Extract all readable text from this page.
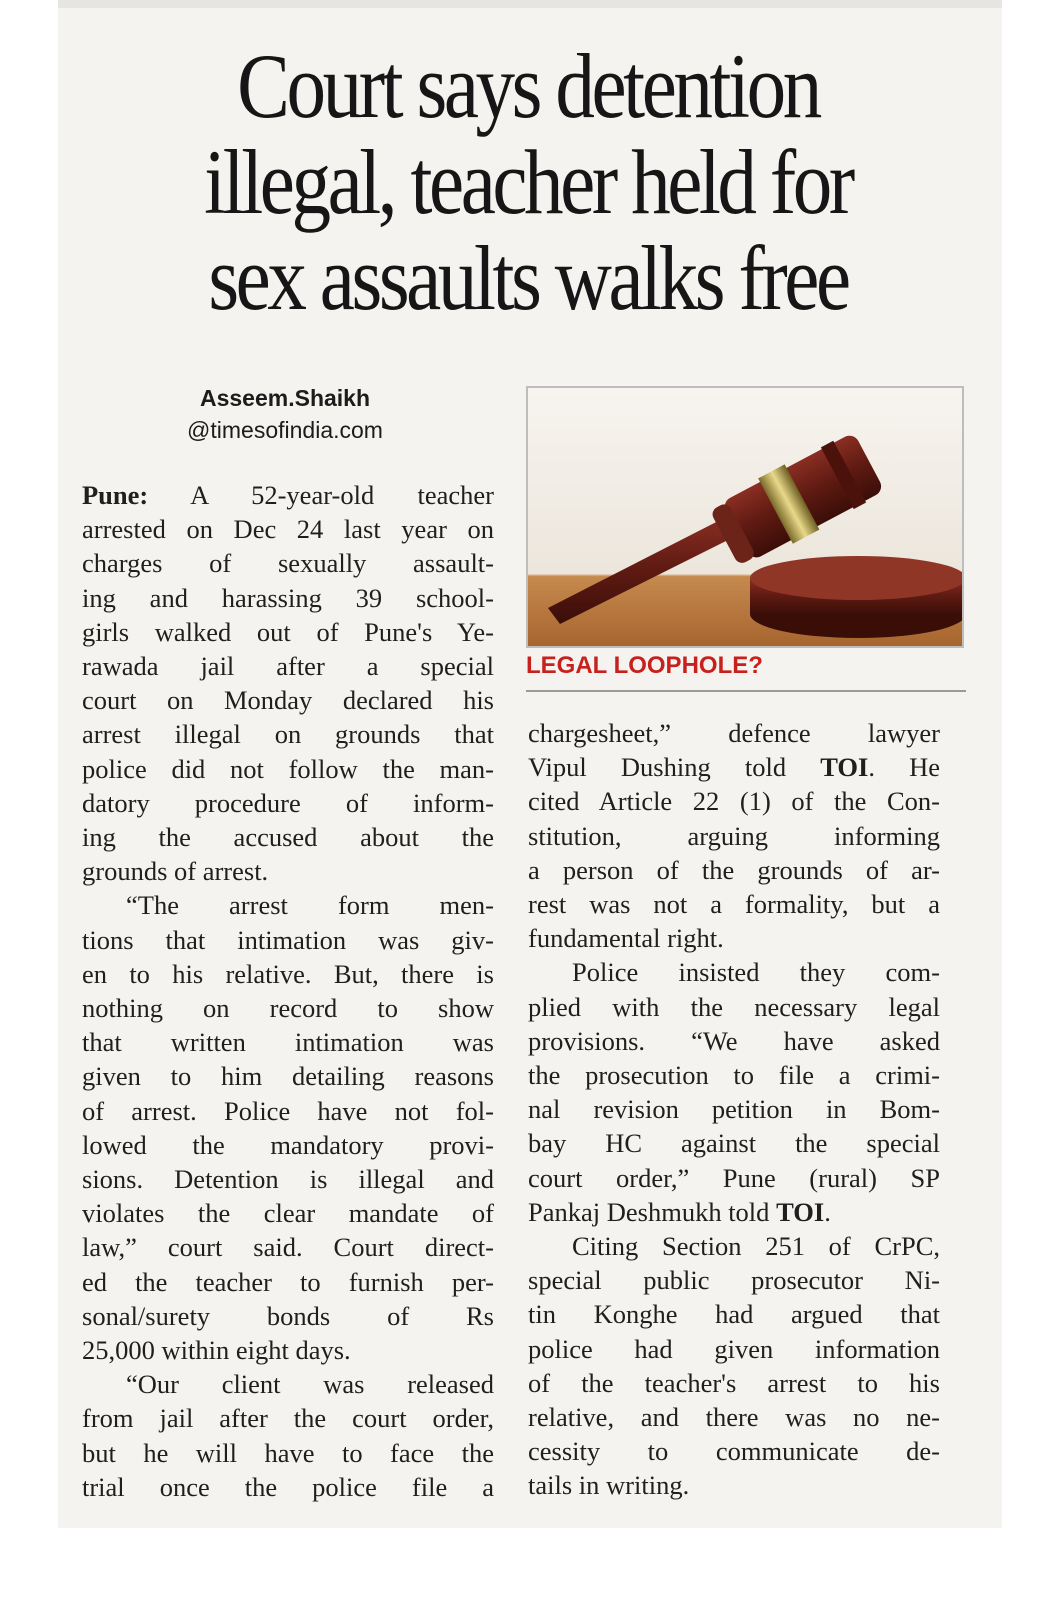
Court says detention
illegal, teacher held for
sex assaults walks free
Asseem.Shaikh
@timesofindia.com
LEGAL LOOPHOLE?
Pune: A 52-year-old teacher
arrested on Dec 24 last year on
charges of sexually assault-
ing and harassing 39 school-
girls walked out of Pune's Ye-
rawada jail after a special
court on Monday declared his
arrest illegal on grounds that
police did not follow the man-
datory procedure of inform-
ing the accused about the
grounds of arrest.
“The arrest form men-
tions that intimation was giv-
en to his relative. But, there is
nothing on record to show
that written intimation was
given to him detailing reasons
of arrest. Police have not fol-
lowed the mandatory provi-
sions. Detention is illegal and
violates the clear mandate of
law,” court said. Court direct-
ed the teacher to furnish per-
sonal/surety bonds of Rs
25,000 within eight days.
“Our client was released
from jail after the court order,
but he will have to face the
trial once the police file a
chargesheet,” defence lawyer
Vipul Dushing told TOI. He
cited Article 22 (1) of the Con-
stitution, arguing informing
a person of the grounds of ar-
rest was not a formality, but a
fundamental right.
Police insisted they com-
plied with the necessary legal
provisions. “We have asked
the prosecution to file a crimi-
nal revision petition in Bom-
bay HC against the special
court order,” Pune (rural) SP
Pankaj Deshmukh told TOI.
Citing Section 251 of CrPC,
special public prosecutor Ni-
tin Konghe had argued that
police had given information
of the teacher's arrest to his
relative, and there was no ne-
cessity to communicate de-
tails in writing.
